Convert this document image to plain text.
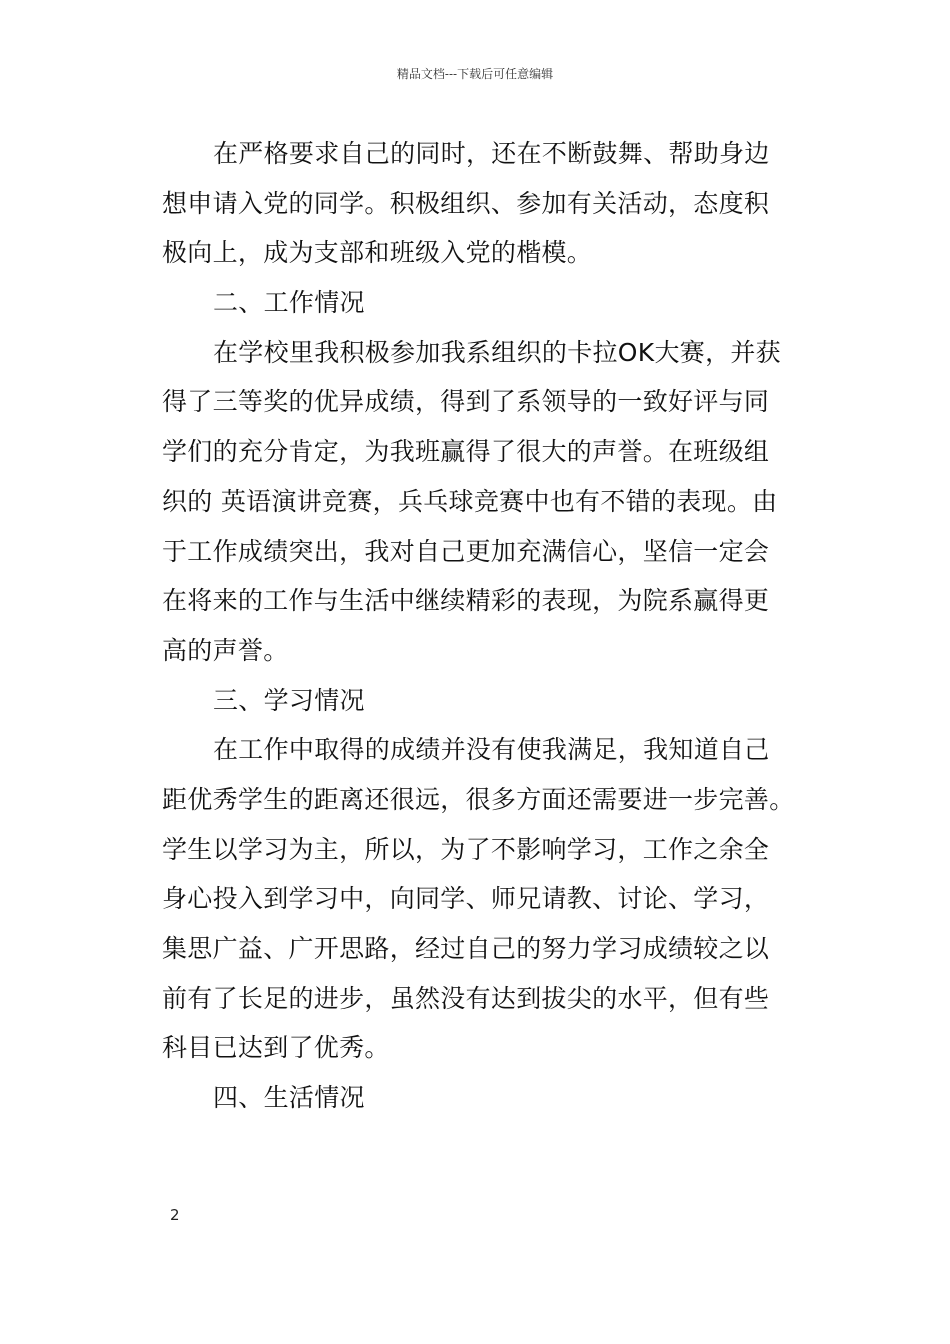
精品文档---下载后可任意编辑
在严格要求自己的同时，还在不断鼓舞、帮助身边
想申请入党的同学。积极组织、参加有关活动，态度积
极向上，成为支部和班级入党的楷模。
二、工作情况
在学校里我积极参加我系组织的卡拉OK大赛，并获
得了三等奖的优异成绩，得到了系领导的一致好评与同
学们的充分肯定，为我班赢得了很大的声誉。在班级组
织的 英语演讲竞赛，兵乓球竞赛中也有不错的表现。由
于工作成绩突出，我对自己更加充满信心，坚信一定会
在将来的工作与生活中继续精彩的表现，为院系赢得更
高的声誉。
三、学习情况
在工作中取得的成绩并没有使我满足，我知道自己
距优秀学生的距离还很远，很多方面还需要进一步完善。
学生以学习为主，所以，为了不影响学习，工作之余全
身心投入到学习中，向同学、师兄请教、讨论、学习，
集思广益、广开思路，经过自己的努力学习成绩较之以
前有了长足的进步，虽然没有达到拔尖的水平，但有些
科目已达到了优秀。
四、生活情况
2
